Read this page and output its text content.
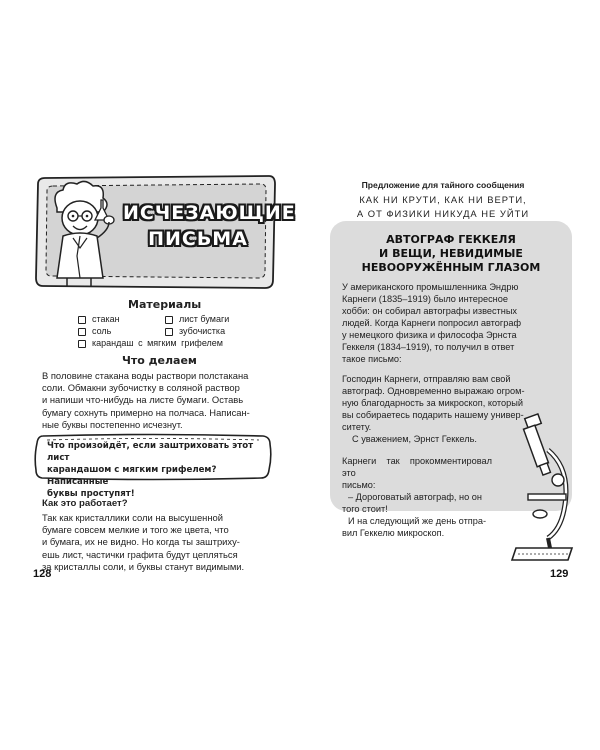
ИСЧЕЗАЮЩИЕ
ПИСЬМА
Материалы
стакан	лист бумаги
соль	зубочистка
карандаш с мягким грифелем
Что делаем
В половине стакана воды раствори полстакана
соли. Обмакни зубочистку в соляной раствор
и напиши что-нибудь на листе бумаги. Оставь
бумагу сохнуть примерно на полчаса. Написан-
ные буквы постепенно исчезнут.
Что произойдёт, если заштриховать этот лист
карандашом с мягким грифелем? Написанные
буквы проступят!
Как это работает?
Так как кристаллики соли на высушенной
бумаге совсем мелкие и того же цвета, что
и бумага, их не видно. Но когда ты заштриху-
ешь лист, частички графита будут цепляться
за кристаллы соли, и буквы станут видимыми.
128
Предложение для тайного сообщения
КАК НИ КРУТИ, КАК НИ ВЕРТИ,
А ОТ ФИЗИКИ НИКУДА НЕ УЙТИ
АВТОГРАФ ГЕККЕЛЯ
И ВЕЩИ, НЕВИДИМЫЕ
НЕВООРУЖЁННЫМ ГЛАЗОМ
У американского промышленника Эндрю
Карнеги (1835–1919) было интересное
хобби: он собирал автографы известных
людей. Когда Карнеги попросил автограф
у немецкого физика и философа Эрнста
Геккеля (1834–1919), то получил в ответ
такое письмо:
Господин Карнеги, отправляю вам свой
автограф. Одновременно выражаю огром-
ную благодарность за микроскоп, который
вы собираетесь подарить нашему универ-
ситету.
С уважением, Эрнст Геккель.
Карнеги так прокомментировал это
письмо:
– Дороговатый автограф, но он
того стоит!
И на следующий же день отпра-
вил Геккелю микроскоп.
129
